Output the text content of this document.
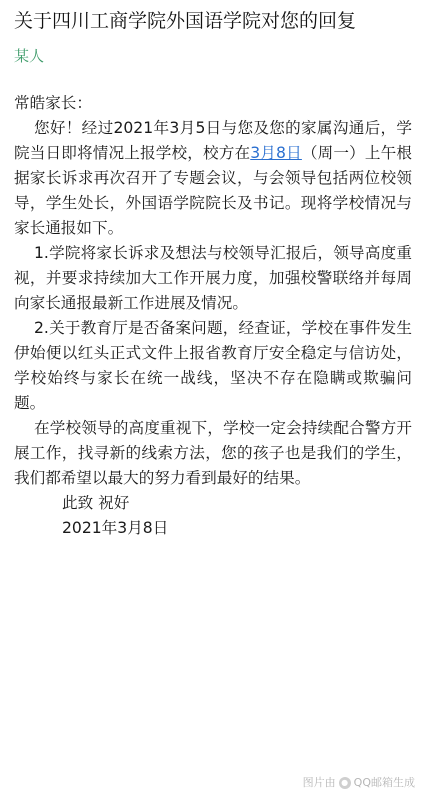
关于四川工商学院外国语学院对您的回复
某人

常皓家长：

您好！经过2021年3月5日与您及您的家属沟通后，学院当日即将情况上报学校，校方在3月8日（周一）上午根据家长诉求再次召开了专题会议，与会领导包括两位校领导，学生处长，外国语学院院长及书记。现将学校情况与家长通报如下。

1.学院将家长诉求及想法与校领导汇报后，领导高度重视，并要求持续加大工作开展力度，加强校警联络并每周向家长通报最新工作进展及情况。

2.关于教育厅是否备案问题，经查证，学校在事件发生伊始便以红头正式文件上报省教育厅安全稳定与信访处，学校始终与家长在统一战线，坚决不存在隐瞒或欺骗问题。

在学校领导的高度重视下，学校一定会持续配合警方开展工作，找寻新的线索方法，您的孩子也是我们的学生，我们都希望以最大的努力看到最好的结果。

此致 祝好

2021年3月8日

图片由 ● QQ邮箱生成
